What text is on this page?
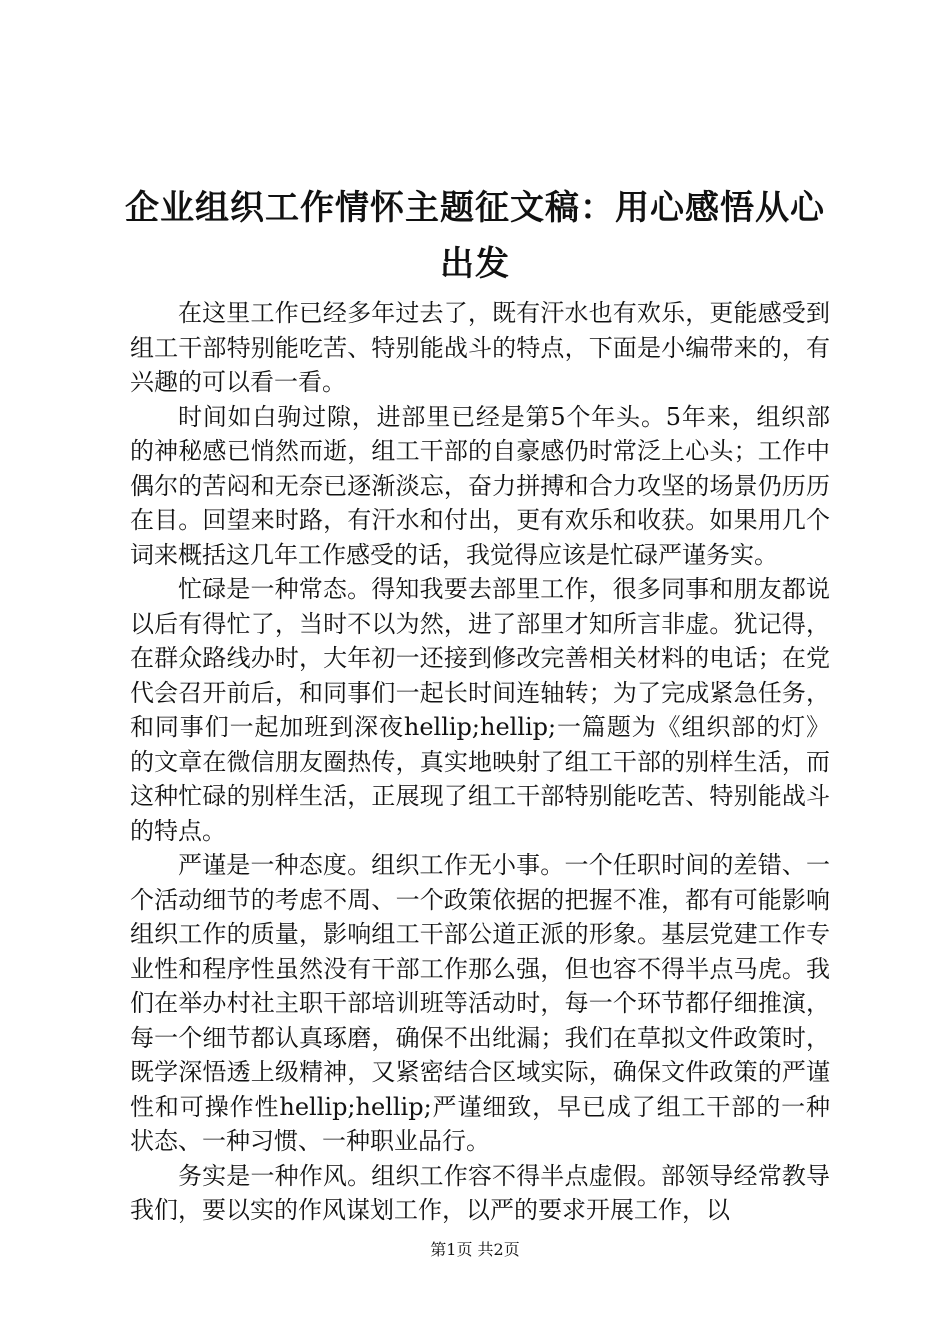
企业组织工作情怀主题征文稿：用心感悟从心出发

在这里工作已经多年过去了，既有汗水也有欢乐，更能感受到组工干部特别能吃苦、特别能战斗的特点，下面是小编带来的，有兴趣的可以看一看。

时间如白驹过隙，进部里已经是第5个年头。5年来，组织部的神秘感已悄然而逝，组工干部的自豪感仍时常泛上心头；工作中偶尔的苦闷和无奈已逐渐淡忘，奋力拼搏和合力攻坚的场景仍历历在目。回望来时路，有汗水和付出，更有欢乐和收获。如果用几个词来概括这几年工作感受的话，我觉得应该是忙碌严谨务实。

忙碌是一种常态。得知我要去部里工作，很多同事和朋友都说以后有得忙了，当时不以为然，进了部里才知所言非虚。犹记得，在群众路线办时，大年初一还接到修改完善相关材料的电话；在党代会召开前后，和同事们一起长时间连轴转；为了完成紧急任务，和同事们一起加班到深夜hellip;hellip;一篇题为《组织部的灯》的文章在微信朋友圈热传，真实地映射了组工干部的别样生活，而这种忙碌的别样生活，正展现了组工干部特别能吃苦、特别能战斗的特点。

严谨是一种态度。组织工作无小事。一个任职时间的差错、一个活动细节的考虑不周、一个政策依据的把握不准，都有可能影响组织工作的质量，影响组工干部公道正派的形象。基层党建工作专业性和程序性虽然没有干部工作那么强，但也容不得半点马虎。我们在举办村社主职干部培训班等活动时，每一个环节都仔细推演，每一个细节都认真琢磨，确保不出纰漏；我们在草拟文件政策时，既学深悟透上级精神，又紧密结合区域实际，确保文件政策的严谨性和可操作性hellip;hellip;严谨细致，早已成了组工干部的一种状态、一种习惯、一种职业品行。

务实是一种作风。组织工作容不得半点虚假。部领导经常教导我们，要以实的作风谋划工作，以严的要求开展工作，以

第1页 共2页
